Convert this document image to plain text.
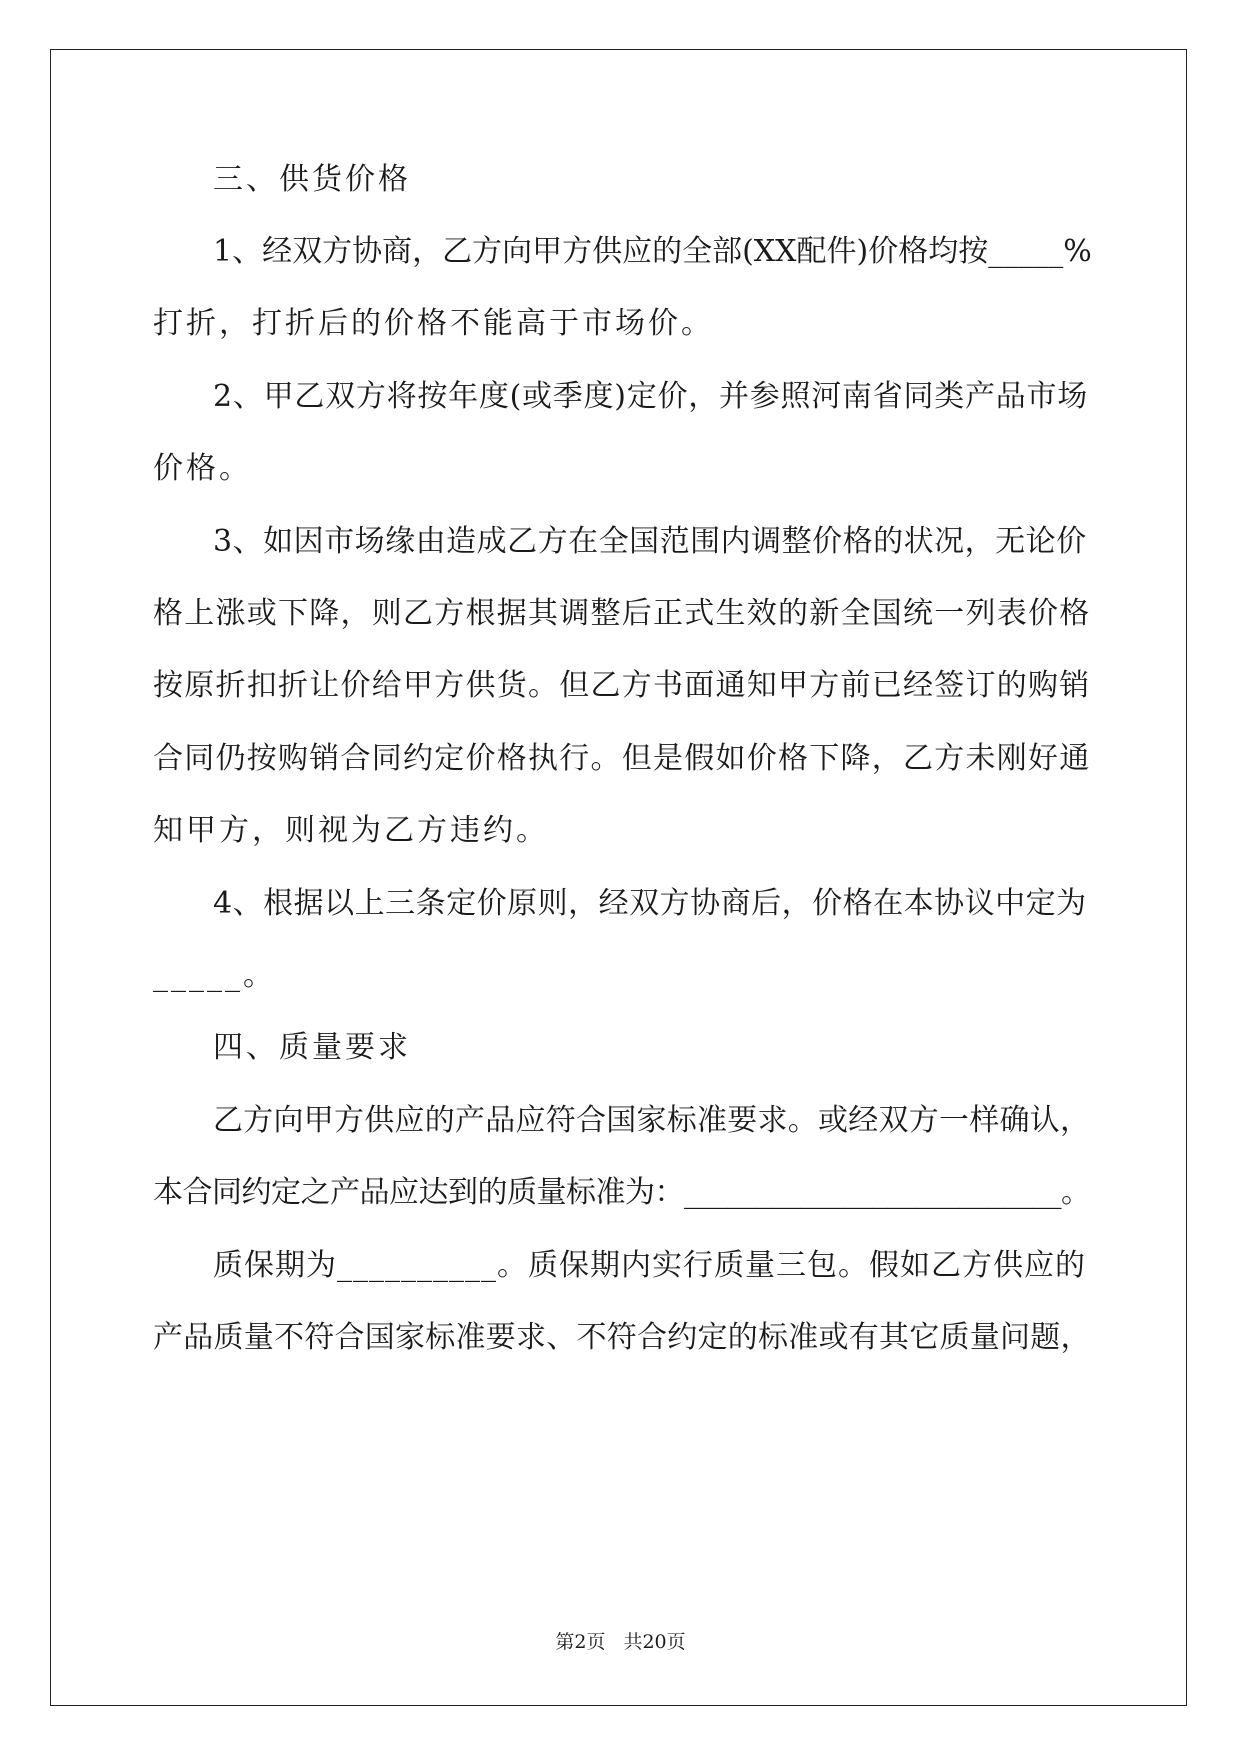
三、供货价格
1、经双方协商，乙方向甲方供应的全部(XX配件)价格均按_____%
打折，打折后的价格不能高于市场价。
2、甲乙双方将按年度(或季度)定价，并参照河南省同类产品市场
价格。
3、如因市场缘由造成乙方在全国范围内调整价格的状况，无论价
格上涨或下降，则乙方根据其调整后正式生效的新全国统一列表价格
按原折扣折让价给甲方供货。但乙方书面通知甲方前已经签订的购销
合同仍按购销合同约定价格执行。但是假如价格下降，乙方未刚好通
知甲方，则视为乙方违约。
4、根据以上三条定价原则，经双方协商后，价格在本协议中定为
_____。
四、质量要求
乙方向甲方供应的产品应符合国家标准要求。或经双方一样确认，
本合同约定之产品应达到的质量标准为：__________________________。
质保期为__________。质保期内实行质量三包。假如乙方供应的
产品质量不符合国家标准要求、不符合约定的标准或有其它质量问题，
第2页 共20页
